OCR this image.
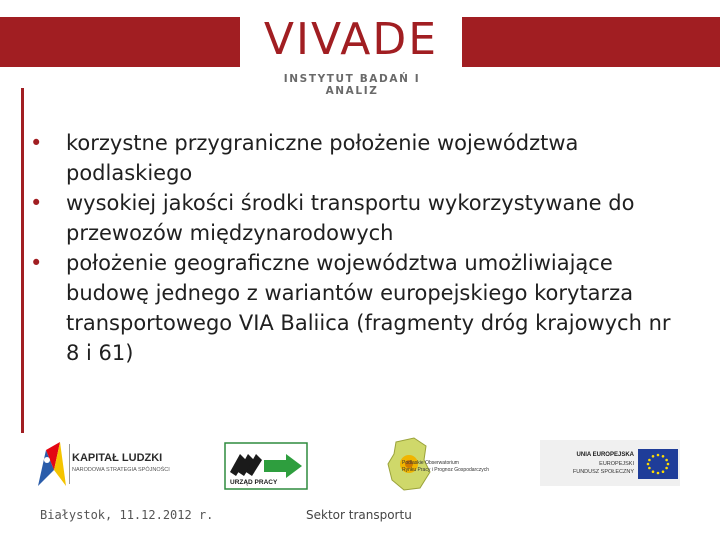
VIVADE
INSTYTUT BADAŃ I ANALIZ

• korzystne przygraniczne położenie województwa podlaskiego

• wysokiej jakości środki transportu wykorzystywane do przewozów międzynarodowych

• położenie geograficzne województwa umożliwiające budowę jednego z wariantów europejskiego korytarza transportowego VIA Baliica (fragmenty dróg krajowych nr 8 i 61)

KAPITAŁ LUDZKI
NARODOWA STRATEGIA SPÓJNOŚCI
URZĄD PRACY
Podlaskie Obserwatorium
Rynku Pracy i Prognoz Gospodarczych
UNIA EUROPEJSKA
EUROPEJSKI
FUNDUSZ SPOŁECZNY
Białystok, 11.12.2012 r.	Sektor transportu
